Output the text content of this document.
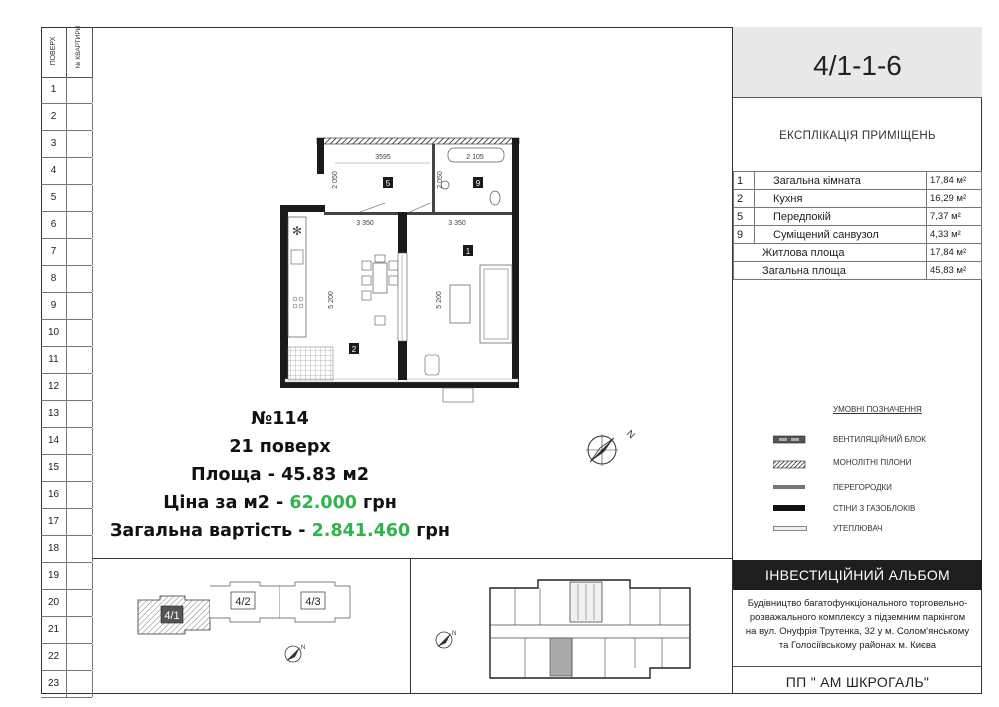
ПОВЕРХ	№ КВАРТИРИ
1
2
3
4
5
6
7
8
9
10
11
12
13
14
15
16
17
18
19
20
21
22
23
✻
5	9
1
2
3595	2 105
2 050	2 050
3 350	3 350
5 200	5 200
№114
21 поверх
Площа - 45.83 м2
Ціна за м2 - 62.000 грн
Загальна вартість - 2.841.460 грн
N
4/1
4/2	4/3
N
N
4/1-1-6
ЕКСПЛІКАЦІЯ ПРИМІЩЕНЬ
1	Загальна кімната	17,84 м²
2	Кухня	16,29 м²
5	Передпокій	7,37 м²
9	Суміщений санвузол	4,33 м²
Житлова площа		17,84 м²
Загальна площа		45,83 м²
УМОВНІ ПОЗНАЧЕННЯ
ВЕНТИЛЯЦІЙНИЙ БЛОК
МОНОЛІТНІ ПІЛОНИ
ПЕРЕГОРОДКИ
СТІНИ З ГАЗОБЛОКІВ
УТЕПЛЮВАЧ
ІНВЕСТИЦІЙНИЙ АЛЬБОМ
Будівництво багатофункціонального торговельно-
розважального комплексу з підземним паркінгом
на вул. Онуфрія Трутенка, 32 у м. Солом'янському
та Голосіївському районах м. Києва
ПП " АМ ШКРОГАЛЬ"
